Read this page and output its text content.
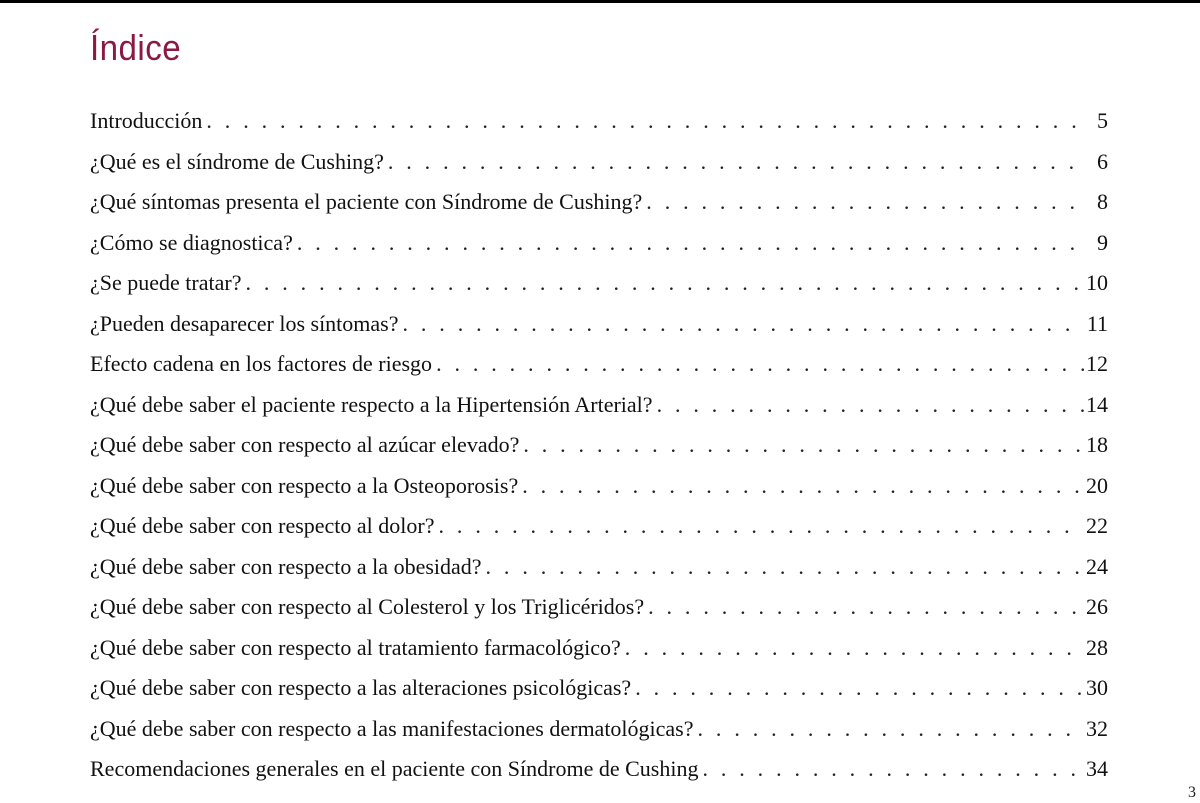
Índice
Introducción . . .	5
¿Qué es el síndrome de Cushing? . . .	6
¿Qué síntomas presenta el paciente con Síndrome de Cushing? . . .	8
¿Cómo se diagnostica? . . .	9
¿Se puede tratar? . . .	10
¿Pueden desaparecer los síntomas? . . .	11
Efecto cadena en los factores de riesgo . . .	12
¿Qué debe saber el paciente respecto a la Hipertensión Arterial? . . .	14
¿Qué debe saber con respecto al azúcar elevado? . . .	18
¿Qué debe saber con respecto a la Osteoporosis? . . .	20
¿Qué debe saber con respecto al dolor? . . .	22
¿Qué debe saber con respecto a la obesidad? . . .	24
¿Qué debe saber con respecto al Colesterol y los Triglicéridos? . . .	26
¿Qué debe saber con respecto al tratamiento farmacológico? . . .	28
¿Qué debe saber con respecto a las alteraciones psicológicas? . . .	30
¿Qué debe saber con respecto a las manifestaciones dermatológicas? . . .	32
Recomendaciones generales en el paciente con Síndrome de Cushing . . .	34
3
